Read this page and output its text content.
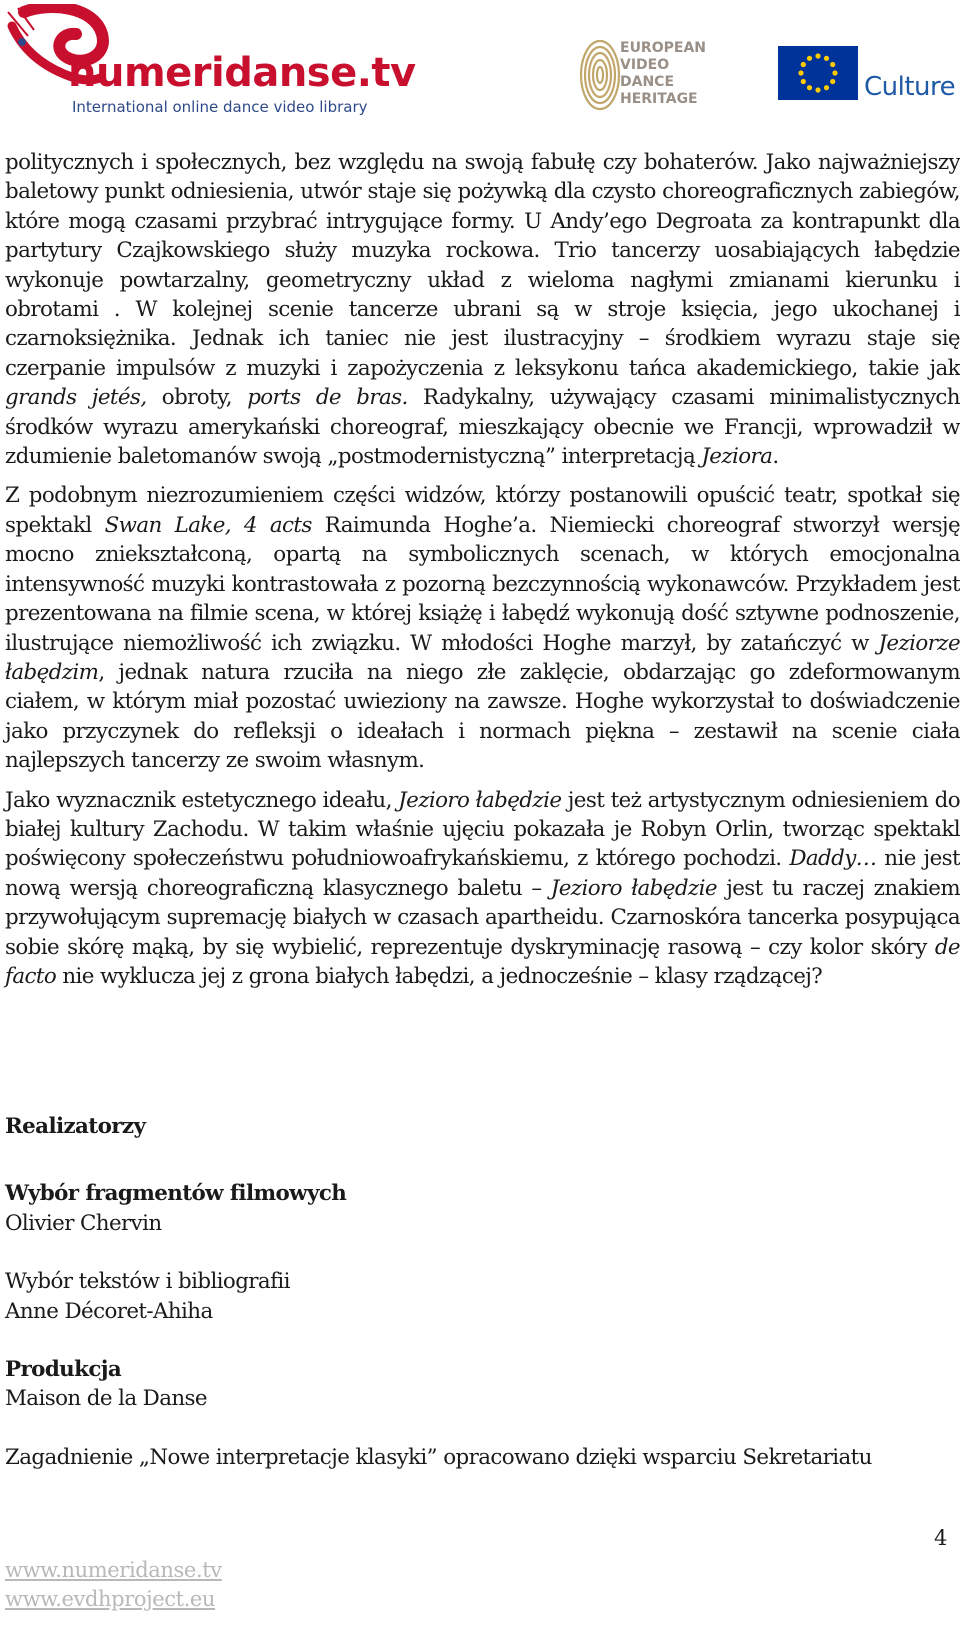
numeridanse.tv
International online dance video library
EUROPEAN
VIDEO
DANCE
HERITAGE	Culture

politycznych i społecznych, bez względu na swoją fabułę czy bohaterów. Jako najważniejszy baletowy punkt odniesienia, utwór staje się pożywką dla czysto choreograficznych zabiegów, które mogą czasami przybrać intrygujące formy. U Andy’ego Degroata za kontrapunkt dla partytury Czajkowskiego służy muzyka rockowa. Trio tancerzy uosabiających łabędzie wykonuje powtarzalny, geometryczny układ z wieloma nagłymi zmianami kierunku i obrotami . W kolejnej scenie tancerze ubrani są w stroje księcia, jego ukochanej i czarnoksiężnika. Jednak ich taniec nie jest ilustracyjny – środkiem wyrazu staje się czerpanie impulsów z muzyki i zapożyczenia z leksykonu tańca akademickiego, takie jak grands jetés, obroty, ports de bras. Radykalny, używający czasami minimalistycznych środków wyrazu amerykański choreograf, mieszkający obecnie we Francji, wprowadził w zdumienie baletomanów swoją „postmodernistyczną” interpretacją Jeziora.

Z podobnym niezrozumieniem części widzów, którzy postanowili opuścić teatr, spotkał się spektakl Swan Lake, 4 acts Raimunda Hoghe’a. Niemiecki choreograf stworzył wersję mocno zniekształconą, opartą na symbolicznych scenach, w których emocjonalna intensywność muzyki kontrastowała z pozorną bezczynnością wykonawców. Przykładem jest prezentowana na filmie scena, w której książę i łabędź wykonują dość sztywne podnoszenie, ilustrujące niemożliwość ich związku. W młodości Hoghe marzył, by zatańczyć w Jeziorze łabędzim, jednak natura rzuciła na niego złe zaklęcie, obdarzając go zdeformowanym ciałem, w którym miał pozostać uwieziony na zawsze. Hoghe wykorzystał to doświadczenie jako przyczynek do refleksji o ideałach i normach piękna – zestawił na scenie ciała najlepszych tancerzy ze swoim własnym.

Jako wyznacznik estetycznego ideału, Jezioro łabędzie jest też artystycznym odniesieniem do białej kultury Zachodu. W takim właśnie ujęciu pokazała je Robyn Orlin, tworząc spektakl poświęcony społeczeństwu południowoafrykańskiemu, z którego pochodzi. Daddy… nie jest nową wersją choreograficzną klasycznego baletu – Jezioro łabędzie jest tu raczej znakiem przywołującym supremację białych w czasach apartheidu. Czarnoskóra tancerka posypująca sobie skórę mąką, by się wybielić, reprezentuje dyskryminację rasową – czy kolor skóry de facto nie wyklucza jej z grona białych łabędzi, a jednocześnie – klasy rządzącej?

Realizatorzy
Wybór fragmentów filmowych
Olivier Chervin
Wybór tekstów i bibliografii
Anne Décoret-Ahiha
Produkcja
Maison de la Danse
Zagadnienie „Nowe interpretacje klasyki” opracowano dzięki wsparciu Sekretariatu
4
www.numeridanse.tv
www.evdhproject.eu
